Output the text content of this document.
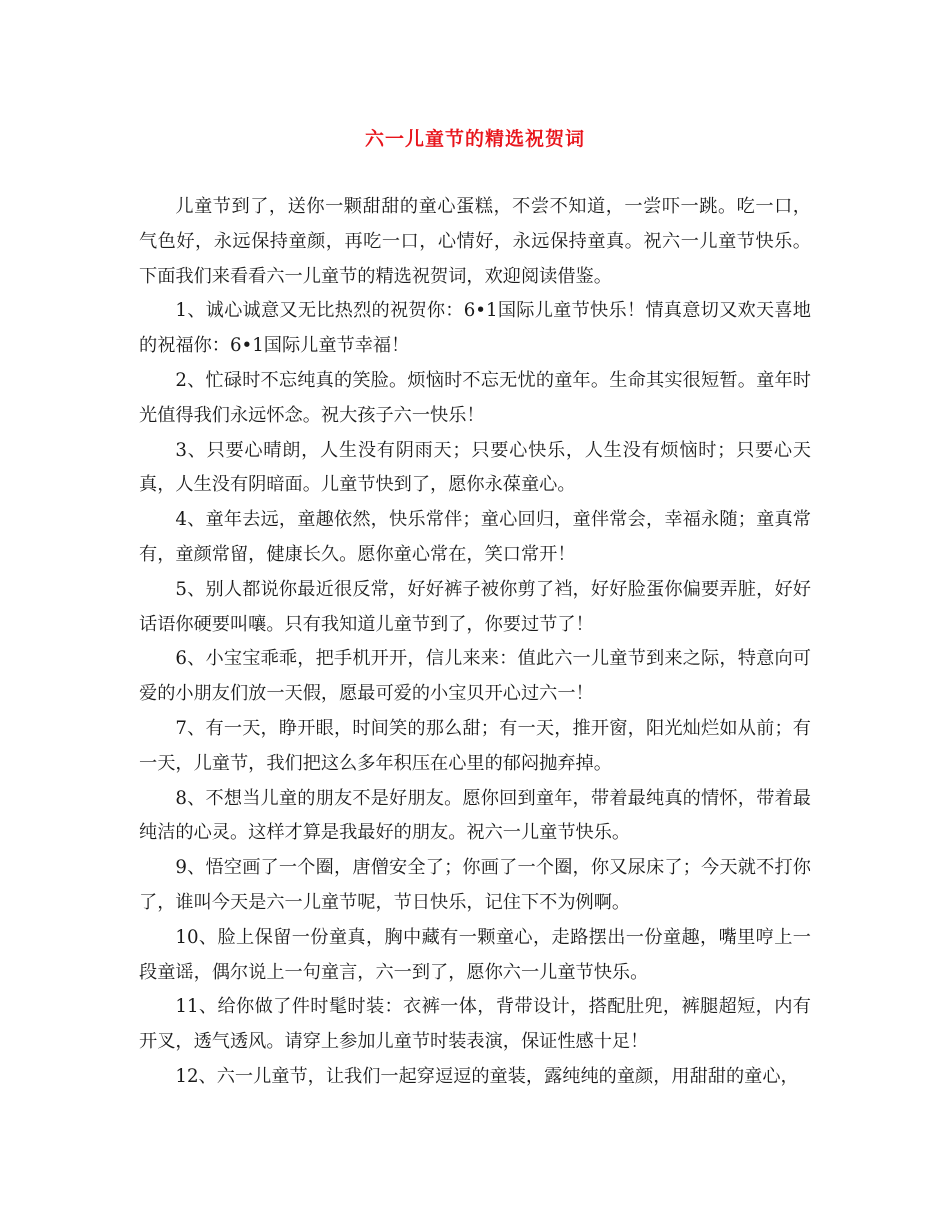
六一儿童节的精选祝贺词

儿童节到了，送你一颗甜甜的童心蛋糕，不尝不知道，一尝吓一跳。吃一口，气色好，永远保持童颜，再吃一口，心情好，永远保持童真。祝六一儿童节快乐。下面我们来看看六一儿童节的精选祝贺词，欢迎阅读借鉴。

1、诚心诚意又无比热烈的祝贺你：6•1国际儿童节快乐！情真意切又欢天喜地的祝福你：6•1国际儿童节幸福！

2、忙碌时不忘纯真的笑脸。烦恼时不忘无忧的童年。生命其实很短暂。童年时光值得我们永远怀念。祝大孩子六一快乐！

3、只要心晴朗，人生没有阴雨天；只要心快乐，人生没有烦恼时；只要心天真，人生没有阴暗面。儿童节快到了，愿你永葆童心。

4、童年去远，童趣依然，快乐常伴；童心回归，童伴常会，幸福永随；童真常有，童颜常留，健康长久。愿你童心常在，笑口常开！

5、别人都说你最近很反常，好好裤子被你剪了裆，好好脸蛋你偏要弄脏，好好话语你硬要叫嚷。只有我知道儿童节到了，你要过节了！

6、小宝宝乖乖，把手机开开，信儿来来：值此六一儿童节到来之际，特意向可爱的小朋友们放一天假，愿最可爱的小宝贝开心过六一！

7、有一天，睁开眼，时间笑的那么甜；有一天，推开窗，阳光灿烂如从前；有一天，儿童节，我们把这么多年积压在心里的郁闷抛弃掉。

8、不想当儿童的朋友不是好朋友。愿你回到童年，带着最纯真的情怀，带着最纯洁的心灵。这样才算是我最好的朋友。祝六一儿童节快乐。

9、悟空画了一个圈，唐僧安全了；你画了一个圈，你又尿床了；今天就不打你了，谁叫今天是六一儿童节呢，节日快乐，记住下不为例啊。

10、脸上保留一份童真，胸中藏有一颗童心，走路摆出一份童趣，嘴里哼上一段童谣，偶尔说上一句童言，六一到了，愿你六一儿童节快乐。

11、给你做了件时髦时装：衣裤一体，背带设计，搭配肚兜，裤腿超短，内有开叉，透气透风。请穿上参加儿童节时装表演，保证性感十足！

12、六一儿童节，让我们一起穿逗逗的童装，露纯纯的童颜，用甜甜的童心，
